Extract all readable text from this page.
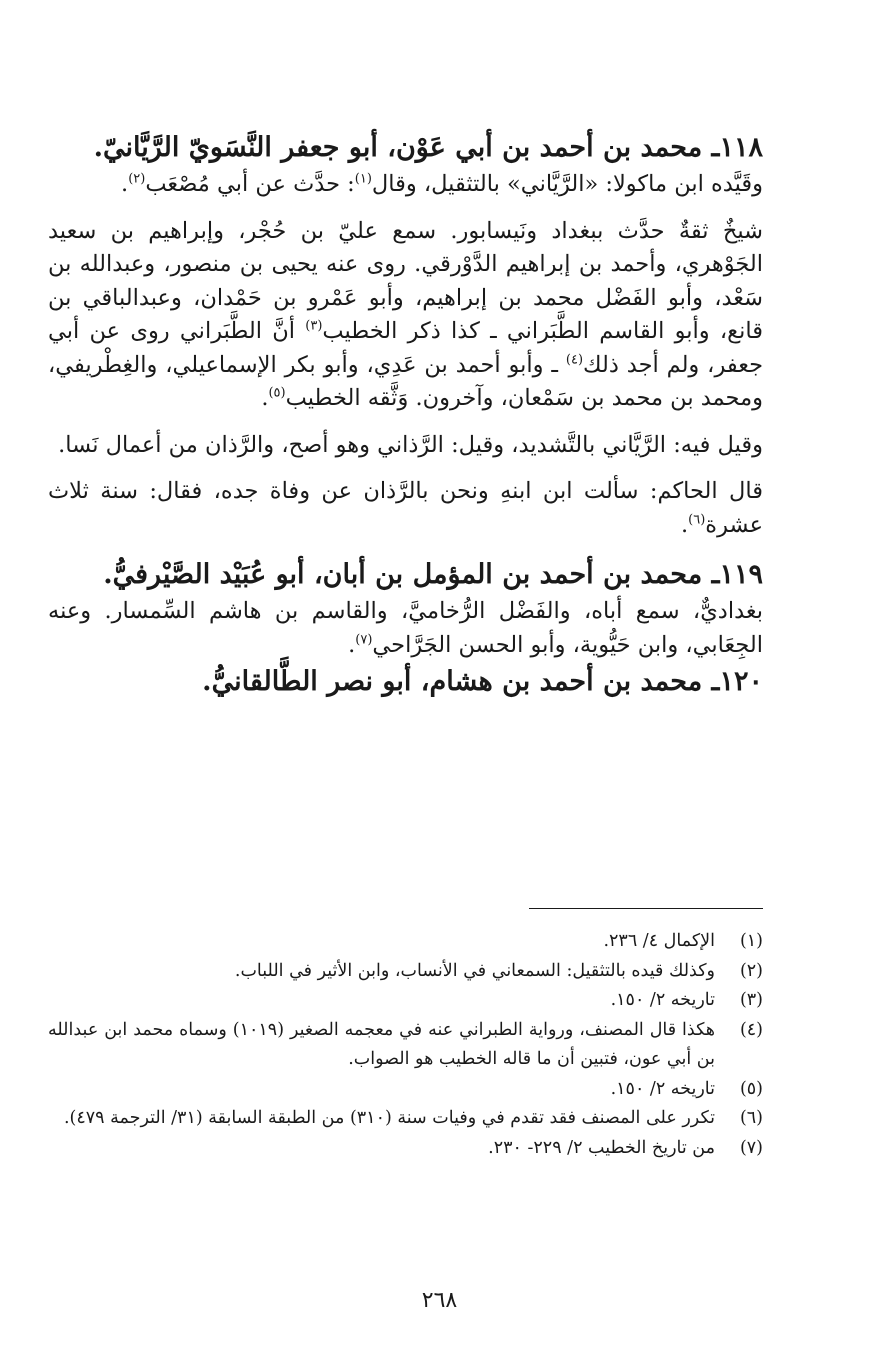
١١٨ـ محمد بن أحمد بن أبي عَوْن، أبو جعفر النَّسَويّ الرَّيَّانيّ.

وقَيَّده ابن ماكولا: «الرَّيَّاني» بالتثقيل، وقال$^{(١)}$: حدَّث عن أبي مُصْعَب$^{(٢)}$.

شيخٌ ثقةٌ حدَّث ببغداد ونَيسابور. سمع عليّ بن حُجْر، وإبراهيم بن سعيد الجَوْهري، وأحمد بن إبراهيم الدَّوْرقي. روى عنه يحيى بن منصور، وعبدالله بن سَعْد، وأبو الفَضْل محمد بن إبراهيم، وأبو عَمْرو بن حَمْدان، وعبدالباقي بن قانع، وأبو القاسم الطَّبَراني ـ كذا ذكر الخطيب$^{(٣)}$ أنَّ الطَّبَراني روى عن أبي جعفر، ولم أجد ذلك$^{(٤)}$ ـ وأبو أحمد بن عَدِي، وأبو بكر الإسماعيلي، والغِطْريفي، ومحمد بن محمد بن سَمْعان، وآخرون. وَثَّقه الخطيب$^{(٥)}$.

وقيل فيه: الرَّيَّاني بالتَّشديد، وقيل: الرَّذاني وهو أصح، والرَّذان من أعمال نَسا.

قال الحاكم: سألت ابن ابنهِ ونحن بالرَّذان عن وفاة جده، فقال: سنة ثلاث عشرة$^{(٦)}$.

١١٩ـ محمد بن أحمد بن المؤمل بن أبان، أبو عُبَيْد الصَّيْرفيُّ.

بغداديٌّ، سمع أباه، والفَضْل الرُّخاميَّ، والقاسم بن هاشم السِّمسار. وعنه الجِعَابي، وابن حَيُّوية، وأبو الحسن الجَرَّاحي$^{(٧)}$.

١٢٠ـ محمد بن أحمد بن هشام، أبو نصر الطَّالقانيُّ.

(١)
الإكمال ٤/ ٢٣٦.
(٢)
وكذلك قيده بالتثقيل: السمعاني في الأنساب، وابن الأثير في اللباب.
(٣)
تاريخه ٢/ ١٥٠.
(٤)
هكذا قال المصنف، ورواية الطبراني عنه في معجمه الصغير (١٠١٩) وسماه محمد ابن عبدالله بن أبي عون، فتبين أن ما قاله الخطيب هو الصواب.
(٥)
تاريخه ٢/ ١٥٠.
(٦)
تكرر على المصنف فقد تقدم في وفيات سنة (٣١٠) من الطبقة السابقة (٣١/ الترجمة ٤٧٩).
(٧)
من تاريخ الخطيب ٢/ ٢٢٩- ٢٣٠.
٢٦٨
